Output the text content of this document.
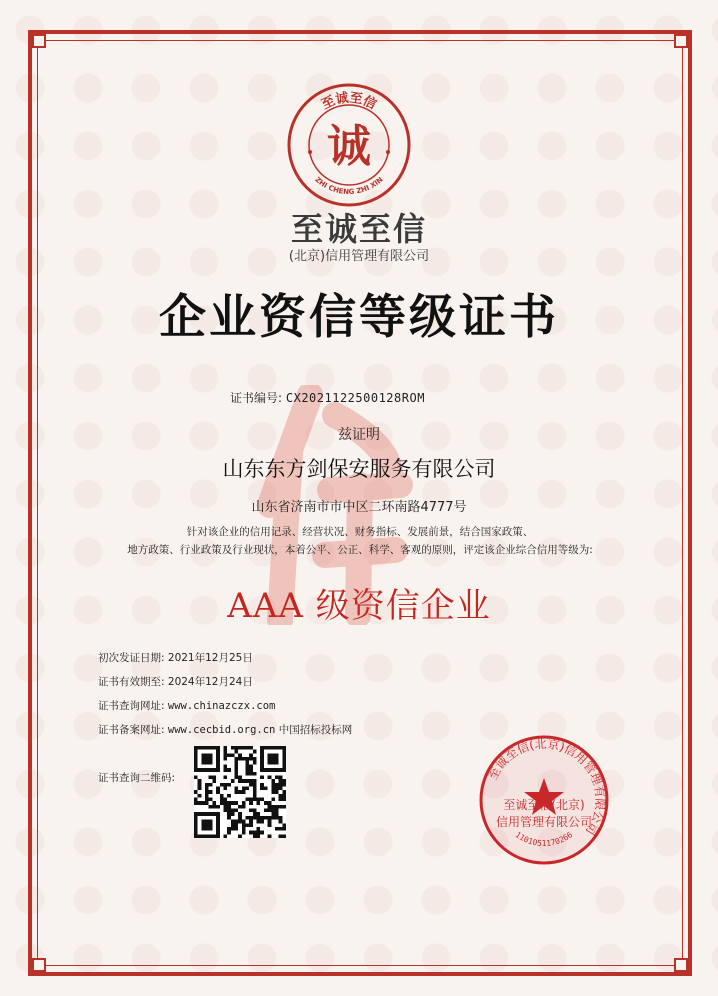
至诚至信
ZHI CHENG ZHI XIN
诚
至诚至信
(北京)信用管理有限公司
企业资信等级证书
证书编号: CX2021122500128ROM
兹证明
山东东方剑保安服务有限公司
山东省济南市市中区二环南路4777号
针对该企业的信用记录、经营状况、财务指标、发展前景，结合国家政策、
地方政策、行业政策及行业现状，本着公平、公正、科学、客观的原则，评定该企业综合信用等级为:
AAA 级资信企业
初次发证日期: 2021年12月25日
证书有效期至: 2024年12月24日
证书查询网址: www.chinazczx.com
证书备案网址: www.cecbid.org.cn 中国招标投标网
证书查询二维码:	至诚至信(北京)信用管理有限公司
至诚至信(北京)
信用管理有限公司
1101051170266
